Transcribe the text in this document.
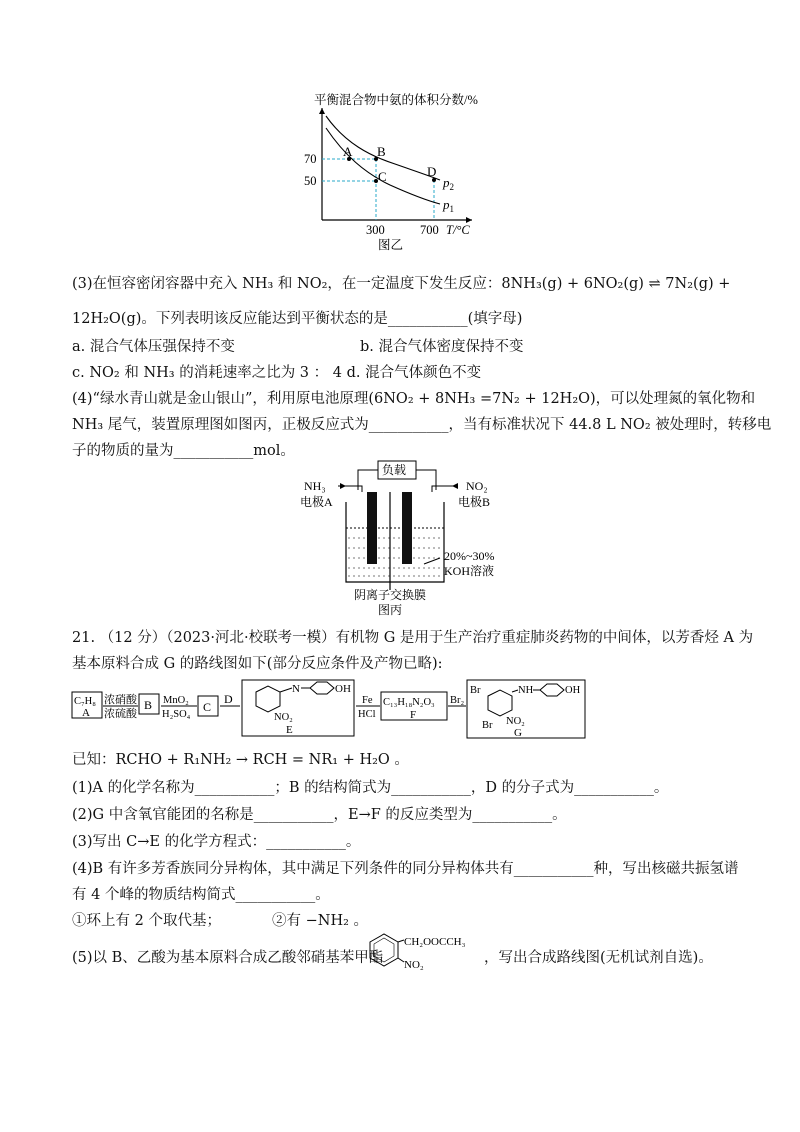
平衡混合物中氨的体积分数/%
A B
C	D
$p_2$
$p_1$
70
50
300	700 T/°C
图乙
(3)在恒容密闭容器中充入 NH₃ 和 NO₂，在一定温度下发生反应：8NH₃(g) + 6NO₂(g) ⇌ 7N₂(g) +
12H₂O(g)。下列表明该反应能达到平衡状态的是___________(填字母)
a. 混合气体压强保持不变	b. 混合气体密度保持不变
c. NO₂ 和 NH₃ 的消耗速率之比为 3 ： 4 d. 混合气体颜色不变
(4)“绿水青山就是金山银山”，利用原电池原理(6NO₂ + 8NH₃ =7N₂ + 12H₂O)，可以处理氮的氧化物和
NH₃ 尾气，装置原理图如图丙，正极反应式为___________，当有标准状况下 44.8 L NO₂ 被处理时，转移电
子的物质的量为___________mol。
负载
NH₃	NO₂
电极A	电极B
20%~30%
KOH溶液
阴离子交换膜
图丙
21. （12 分）（2023·河北·校联考一模）有机物 G 是用于生产治疗重症肺炎药物的中间体，以芳香烃 A 为
基本原料合成 G 的路线图如下(部分反应条件及产物已略):
C₇H₈
A
浓硝酸
浓硫酸
B MnO₂
H₂SO₄
C
D
N	OH
NO₂
E
Fe
HCl
C₁₃H₁₈N₂O₃
F
Br₂
Br	NH	OH
Br NO₂
G
已知：RCHO + R₁NH₂ → RCH = NR₁ + H₂O 。
(1)A 的化学名称为___________；B 的结构简式为___________，D 的分子式为___________。
(2)G 中含氧官能团的名称是___________，E→F 的反应类型为___________。
(3)写出 C→E 的化学方程式：___________。
(4)B 有许多芳香族同分异构体，其中满足下列条件的同分异构体共有___________种，写出核磁共振氢谱
有 4 个峰的物质结构简式___________。
①环上有 2 个取代基；	②有 −NH₂ 。
(5)以 B、乙酸为基本原料合成乙酸邻硝基苯甲酯
CH₂OOCCH₃
NO₂	，写出合成路线图(无机试剂自选)。
